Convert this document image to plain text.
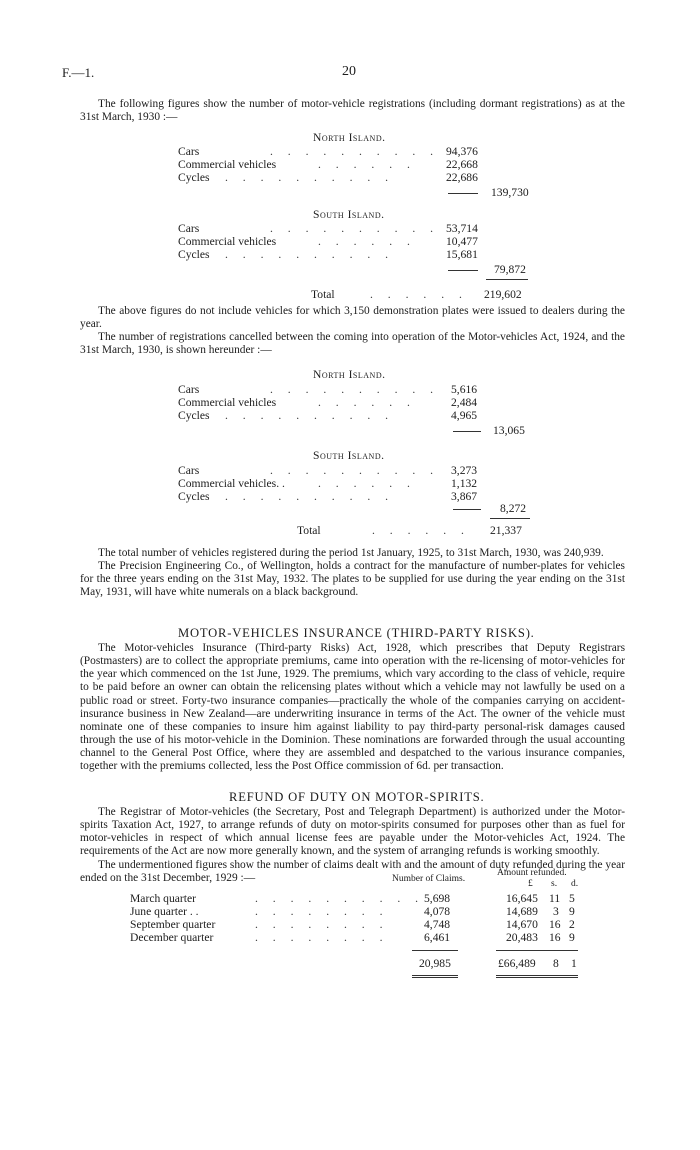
F.—1.	20

The following figures show the number of motor-vehicle registrations (including dormant registrations) as at the 31st March, 1930 :—

North Island.
Cars	. . . . . . . . . . 94,376
Commercial vehicles	. . . . . .	22,668
Cycles . . . . . . . . . .	22,686
139,730
South Island.
Cars	. . . . . . . . . . 53,714
Commercial vehicles	. . . . . .	10,477
Cycles . . . . . . . . . .	15,681
79,872
Total	. . . . . . 219,602

The above figures do not include vehicles for which 3,150 demonstration plates were issued to dealers during the year.

The number of registrations cancelled between the coming into operation of the Motor-vehicles Act, 1924, and the 31st March, 1930, is shown hereunder :—

North Island.
Cars	. . . . . . . . . . 5,616
Commercial vehicles	. . . . . .	2,484
Cycles . . . . . . . . . .	4,965
13,065
South Island.
Cars	. . . . . . . . . . 3,273
Commercial vehicles. .	. . . . . .	1,132
Cycles . . . . . . . . . .	3,867
8,272
Total	. . . . . . 21,337

The total number of vehicles registered during the period 1st January, 1925, to 31st March, 1930, was 240,939.

The Precision Engineering Co., of Wellington, holds a contract for the manufacture of number-plates for vehicles for the three years ending on the 31st May, 1932. The plates to be supplied for use during the year ending on the 31st May, 1931, will have white numerals on a black background.

MOTOR-VEHICLES INSURANCE (THIRD-PARTY RISKS).

The Motor-vehicles Insurance (Third-party Risks) Act, 1928, which prescribes that Deputy Registrars (Postmasters) are to collect the appropriate premiums, came into operation with the re-licensing of motor-vehicles for the year which commenced on the 1st June, 1929. The premiums, which vary according to the class of vehicle, require to be paid before an owner can obtain the relicensing plates without which a vehicle may not lawfully be used on a public road or street. Forty-two insurance companies—practically the whole of the companies carrying on accident-insurance business in New Zealand—are underwriting insurance in terms of the Act. The owner of the vehicle must nominate one of these companies to insure him against liability to pay third-party personal-risk damages caused through the use of his motor-vehicle in the Dominion. These nominations are forwarded through the usual accounting channel to the General Post Office, where they are assembled and despatched to the various insurance companies, together with the premiums collected, less the Post Office commission of 6d. per transaction.

REFUND OF DUTY ON MOTOR-SPIRITS.

The Registrar of Motor-vehicles (the Secretary, Post and Telegraph Department) is authorized under the Motor-spirits Taxation Act, 1927, to arrange refunds of duty on motor-spirits consumed for purposes other than as fuel for motor-vehicles in respect of which annual license fees are payable under the Motor-vehicles Act, 1924. The requirements of the Act are now more generally known, and the system of arranging refunds is working smoothly.

The undermentioned figures show the number of claims dealt with and the amount of duty refunded during the year ended on the 31st December, 1929 :—	Number of Claims.
Amount refunded.
£ s. d.
March quarter	. . . . . . . . . . 5,698	16,645 11 5
June quarter . .	. . . . . . . .	4,078	14,689 3 9
September quarter	. . . . . . . .	4,748	14,670 16 2
December quarter	. . . . . . . .	6,461	20,483 16 9
20,985	£66,489 8 1
